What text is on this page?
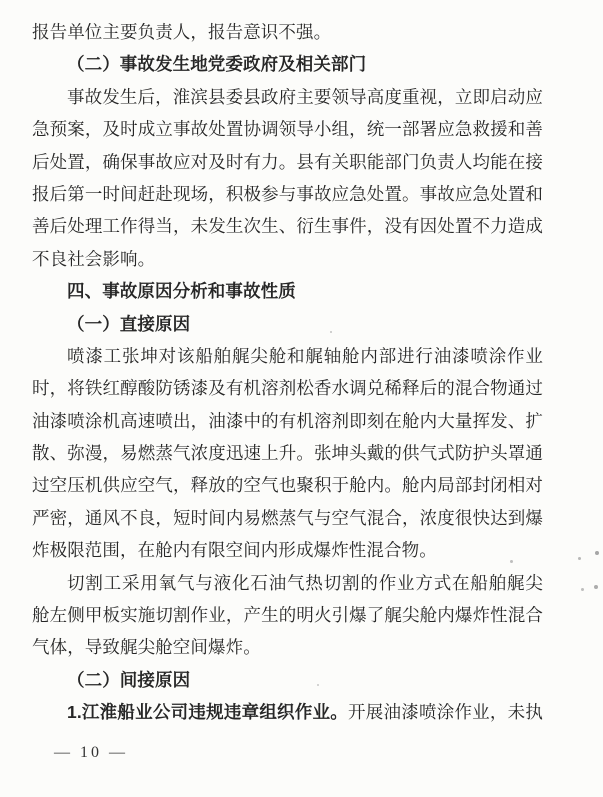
报告单位主要负责人，报告意识不强。
（二）事故发生地党委政府及相关部门
事故发生后，淮滨县委县政府主要领导高度重视，立即启动应
急预案，及时成立事故处置协调领导小组，统一部署应急救援和善
后处置，确保事故应对及时有力。县有关职能部门负责人均能在接
报后第一时间赶赴现场，积极参与事故应急处置。事故应急处置和
善后处理工作得当，未发生次生、衍生事件，没有因处置不力造成
不良社会影响。
四、事故原因分析和事故性质
（一）直接原因
喷漆工张坤对该船舶艉尖舱和艉轴舱内部进行油漆喷涂作业
时，将铁红醇酸防锈漆及有机溶剂松香水调兑稀释后的混合物通过
油漆喷涂机高速喷出，油漆中的有机溶剂即刻在舱内大量挥发、扩
散、弥漫，易燃蒸气浓度迅速上升。张坤头戴的供气式防护头罩通
过空压机供应空气，释放的空气也聚积于舱内。舱内局部封闭相对
严密，通风不良，短时间内易燃蒸气与空气混合，浓度很快达到爆
炸极限范围，在舱内有限空间内形成爆炸性混合物。
切割工采用氧气与液化石油气热切割的作业方式在船舶艉尖
舱左侧甲板实施切割作业，产生的明火引爆了艉尖舱内爆炸性混合
气体，导致艉尖舱空间爆炸。
（二）间接原因
1.江淮船业公司违规违章组织作业。开展油漆喷涂作业，未执
— 10 —
